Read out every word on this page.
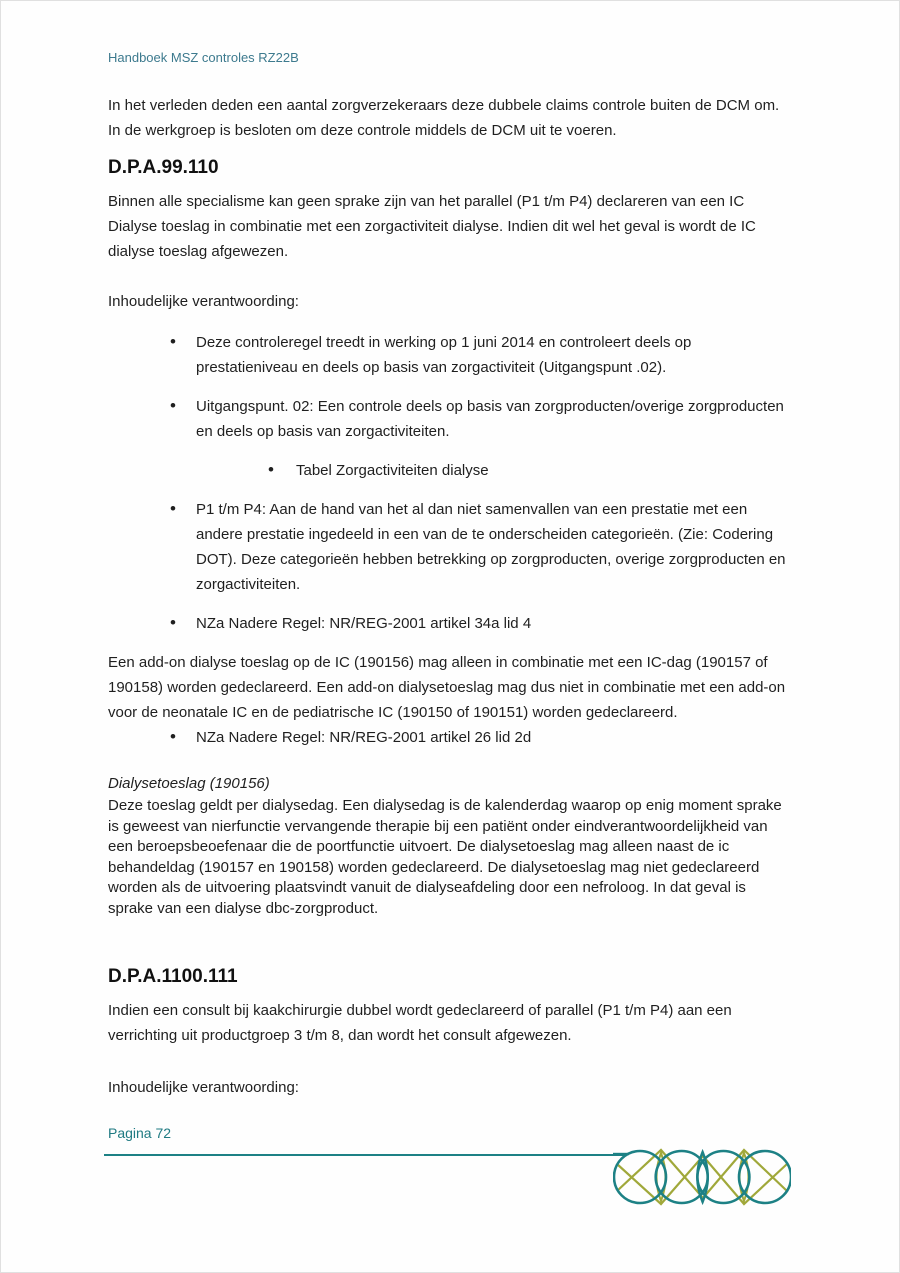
Handboek MSZ controles RZ22B

In het verleden deden een aantal zorgverzekeraars deze dubbele claims controle buiten de DCM om. In de werkgroep is besloten om deze controle middels de DCM uit te voeren.

D.P.A.99.110

Binnen alle specialisme kan geen sprake zijn van het parallel (P1 t/m P4) declareren van een IC Dialyse toeslag in combinatie met een zorgactiviteit dialyse. Indien dit wel het geval is wordt de IC dialyse toeslag afgewezen.

Inhoudelijke verantwoording:
• Deze controleregel treedt in werking op 1 juni 2014 en controleert deels op prestatieniveau en deels op basis van zorgactiviteit (Uitgangspunt .02).
• Uitgangspunt. 02: Een controle deels op basis van zorgproducten/overige zorgproducten en deels op basis van zorgactiviteiten.
• Tabel Zorgactiviteiten dialyse
• P1 t/m P4: Aan de hand van het al dan niet samenvallen van een prestatie met een andere prestatie ingedeeld in een van de te onderscheiden categorieën. (Zie: Codering DOT). Deze categorieën hebben betrekking op zorgproducten, overige zorgproducten en zorgactiviteiten.
• NZa Nadere Regel: NR/REG-2001 artikel 34a lid 4

Een add-on dialyse toeslag op de IC (190156) mag alleen in combinatie met een IC-dag (190157 of 190158) worden gedeclareerd. Een add-on dialysetoeslag mag dus niet in combinatie met een add-on voor de neonatale IC en de pediatrische IC (190150 of 190151) worden gedeclareerd.

• NZa Nadere Regel: NR/REG-2001 artikel 26 lid 2d
Dialysetoeslag (190156)

Deze toeslag geldt per dialysedag. Een dialysedag is de kalenderdag waarop op enig moment sprake is geweest van nierfunctie vervangende therapie bij een patiënt onder eindverantwoordelijkheid van een beroepsbeoefenaar die de poortfunctie uitvoert. De dialysetoeslag mag alleen naast de ic behandeldag (190157 en 190158) worden gedeclareerd. De dialysetoeslag mag niet gedeclareerd worden als de uitvoering plaatsvindt vanuit de dialyseafdeling door een nefroloog. In dat geval is sprake van een dialyse dbc-zorgproduct.

D.P.A.1100.111

Indien een consult bij kaakchirurgie dubbel wordt gedeclareerd of parallel (P1 t/m P4) aan een verrichting uit productgroep 3 t/m 8, dan wordt het consult afgewezen.

Inhoudelijke verantwoording:
Pagina 72
